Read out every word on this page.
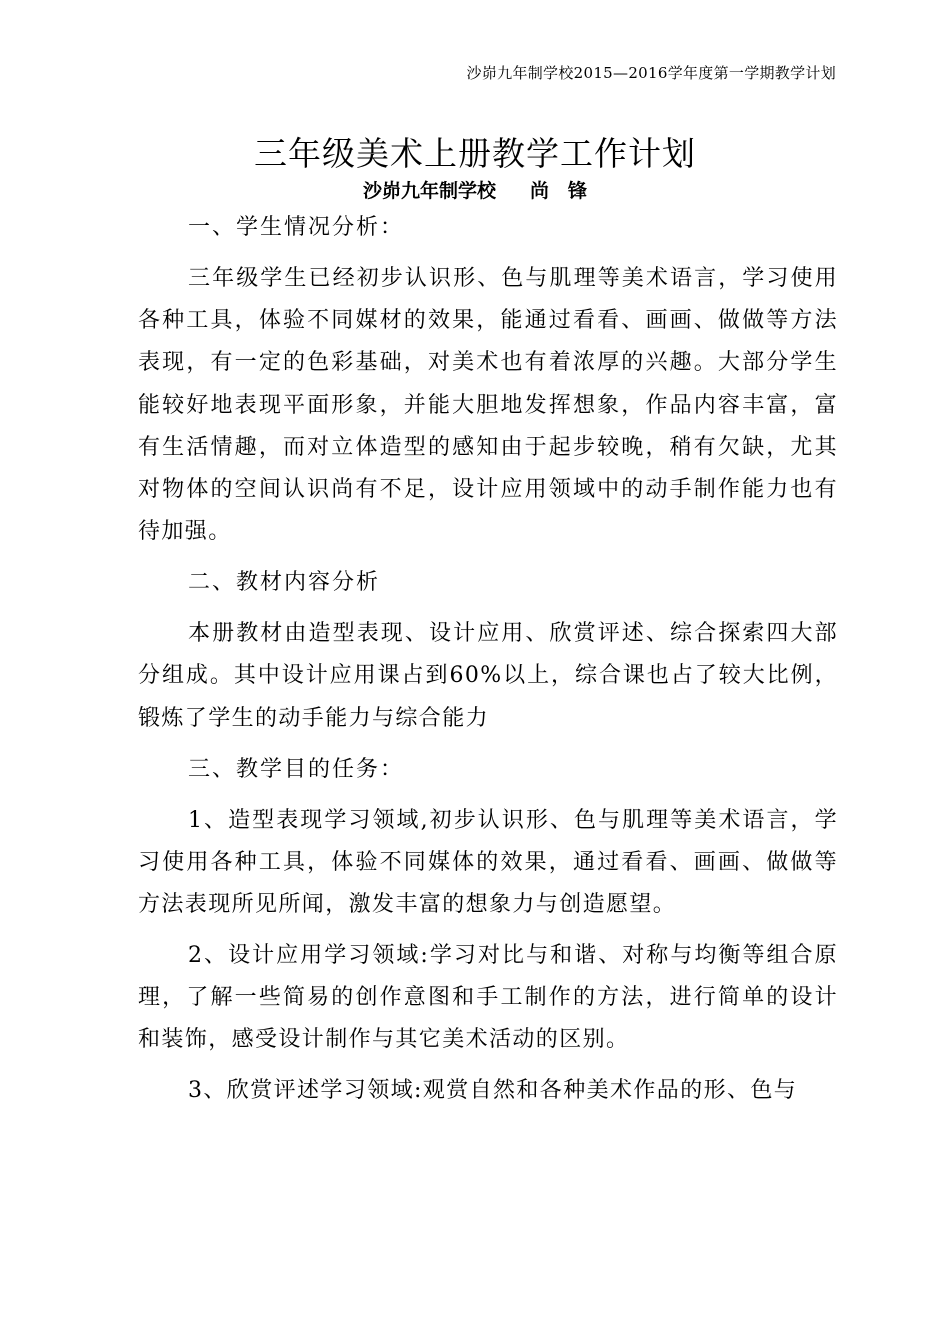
沙峁九年制学校2015—2016学年度第一学期教学计划
三年级美术上册教学工作计划
沙峁九年制学校 尚　锋

一、学生情况分析：

三年级学生已经初步认识形、色与肌理等美术语言，学习使用各种工具，体验不同媒材的效果，能通过看看、画画、做做等方法表现，有一定的色彩基础，对美术也有着浓厚的兴趣。大部分学生能较好地表现平面形象，并能大胆地发挥想象，作品内容丰富，富有生活情趣，而对立体造型的感知由于起步较晚，稍有欠缺，尤其对物体的空间认识尚有不足，设计应用领域中的动手制作能力也有待加强。

二、教材内容分析

本册教材由造型表现、设计应用、欣赏评述、综合探索四大部分组成。其中设计应用课占到60%以上，综合课也占了较大比例，锻炼了学生的动手能力与综合能力

三、教学目的任务：

1、造型表现学习领域,初步认识形、色与肌理等美术语言，学习使用各种工具，体验不同媒体的效果，通过看看、画画、做做等方法表现所见所闻，激发丰富的想象力与创造愿望。

2、设计应用学习领域:学习对比与和谐、对称与均衡等组合原理，了解一些简易的创作意图和手工制作的方法，进行简单的设计和装饰，感受设计制作与其它美术活动的区别。

3、欣赏评述学习领域:观赏自然和各种美术作品的形、色与
